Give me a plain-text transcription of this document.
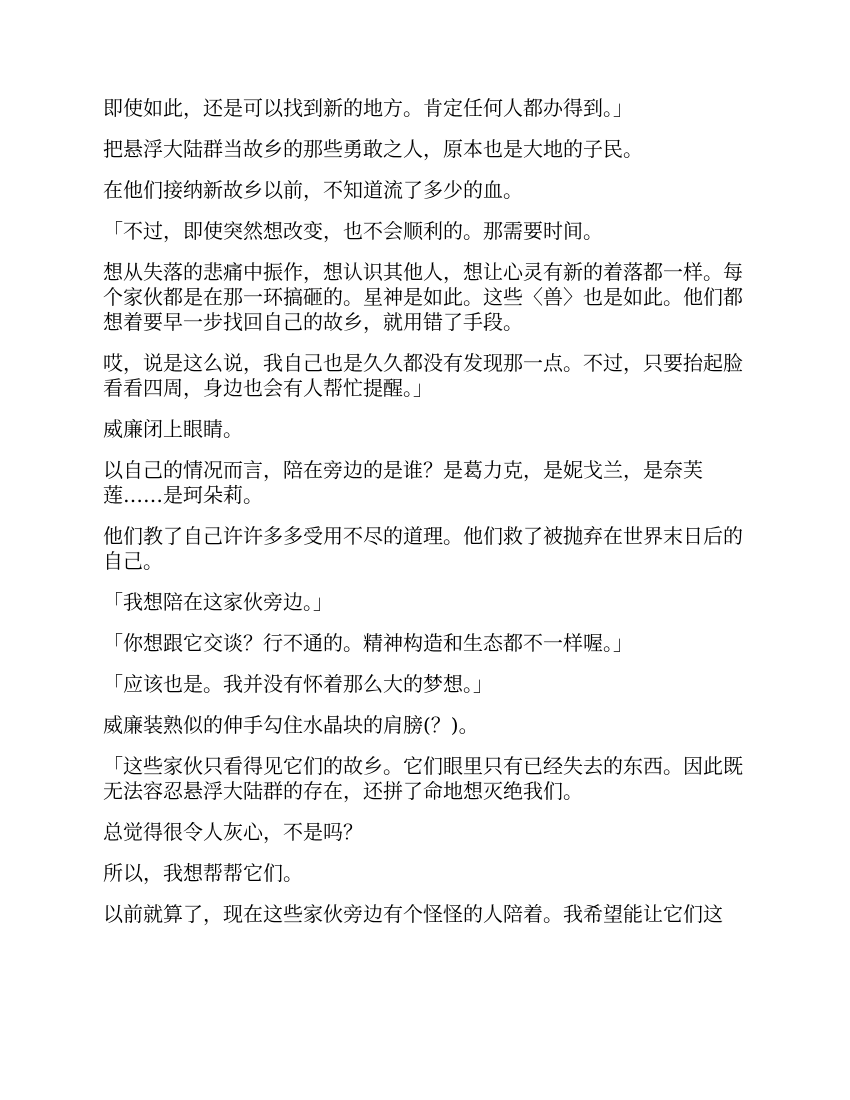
即使如此，还是可以找到新的地方。肯定任何人都办得到。」

把悬浮大陆群当故乡的那些勇敢之人，原本也是大地的子民。

在他们接纳新故乡以前，不知道流了多少的血。

「不过，即使突然想改变，也不会顺利的。那需要时间。

想从失落的悲痛中振作，想认识其他人，想让心灵有新的着落都一样。每个家伙都是在那一环搞砸的。星神是如此。这些〈兽〉也是如此。他们都想着要早一步找回自己的故乡，就用错了手段。

哎，说是这么说，我自己也是久久都没有发现那一点。不过，只要抬起脸看看四周，身边也会有人帮忙提醒。」

威廉闭上眼睛。

以自己的情况而言，陪在旁边的是谁？是葛力克，是妮戈兰，是奈芙莲……是珂朵莉。

他们教了自己许许多多受用不尽的道理。他们救了被抛弃在世界末日后的自己。

「我想陪在这家伙旁边。」

「你想跟它交谈？行不通的。精神构造和生态都不一样喔。」

「应该也是。我并没有怀着那么大的梦想。」

威廉装熟似的伸手勾住水晶块的肩膀(？)。

「这些家伙只看得见它们的故乡。它们眼里只有已经失去的东西。因此既无法容忍悬浮大陆群的存在，还拼了命地想灭绝我们。

总觉得很令人灰心，不是吗？

所以，我想帮帮它们。

以前就算了，现在这些家伙旁边有个怪怪的人陪着。我希望能让它们这
